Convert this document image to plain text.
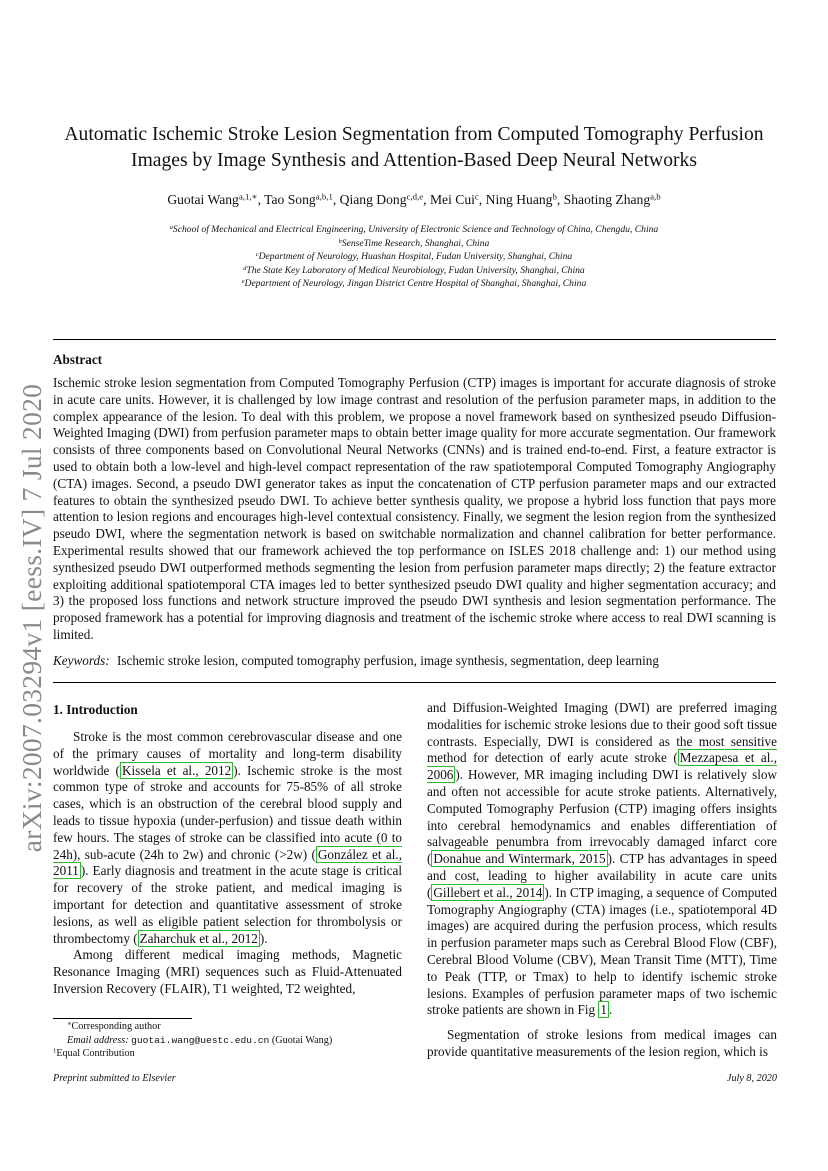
arXiv:2007.03294v1 [eess.IV] 7 Jul 2020
Automatic Ischemic Stroke Lesion Segmentation from Computed Tomography Perfusion
Images by Image Synthesis and Attention-Based Deep Neural Networks
Guotai Wang$^{a,1,∗}$, Tao Song$^{a,b,1}$, Qiang Dong$^{c,d,e}$, Mei Cui$^c$, Ning Huang$^b$, Shaoting Zhang$^{a,b}$
$^a$School of Mechanical and Electrical Engineering, University of Electronic Science and Technology of China, Chengdu, China
$^b$SenseTime Research, Shanghai, China
$^c$Department of Neurology, Huashan Hospital, Fudan University, Shanghai, China
$^d$The State Key Laboratory of Medical Neurobiology, Fudan University, Shanghai, China
$^e$Department of Neurology, Jingan District Centre Hospital of Shanghai, Shanghai, China
Abstract
Ischemic stroke lesion segmentation from Computed Tomography Perfusion (CTP) images is important for accurate diagnosis of stroke in acute care units. However, it is challenged by low image contrast and resolution of the perfusion parameter maps, in addition to the complex appearance of the lesion. To deal with this problem, we propose a novel framework based on synthesized pseudo Diffusion-Weighted Imaging (DWI) from perfusion parameter maps to obtain better image quality for more accurate segmentation. Our framework consists of three components based on Convolutional Neural Networks (CNNs) and is trained end-to-end. First, a feature extractor is used to obtain both a low-level and high-level compact representation of the raw spatiotemporal Computed Tomography Angiography (CTA) images. Second, a pseudo DWI generator takes as input the concatenation of CTP perfusion parameter maps and our extracted features to obtain the synthesized pseudo DWI. To achieve better synthesis quality, we propose a hybrid loss function that pays more attention to lesion regions and encourages high-level contextual consistency. Finally, we segment the lesion region from the synthesized pseudo DWI, where the segmentation network is based on switchable normalization and channel calibration for better performance. Experimental results showed that our framework achieved the top performance on ISLES 2018 challenge and: 1) our method using synthesized pseudo DWI outperformed methods segmenting the lesion from perfusion parameter maps directly; 2) the feature extractor exploiting additional spatiotemporal CTA images led to better synthesized pseudo DWI quality and higher segmentation accuracy; and 3) the proposed loss functions and network structure improved the pseudo DWI synthesis and lesion segmentation performance. The proposed framework has a potential for improving diagnosis and treatment of the ischemic stroke where access to real DWI scanning is limited.
Keywords: Ischemic stroke lesion, computed tomography perfusion, image synthesis, segmentation, deep learning
1. Introduction

Stroke is the most common cerebrovascular disease and one of the primary causes of mortality and long-term disability worldwide ( Kissela et al., 2012 ). Ischemic stroke is the most common type of stroke and accounts for 75-85% of all stroke cases, which is an obstruction of the cerebral blood supply and leads to tissue hypoxia (under-perfusion) and tissue death within few hours. The stages of stroke can be classified into acute (0 to 24h), sub-acute (24h to 2w) and chronic (>2w) ( González et al., 2011 ). Early diagnosis and treatment in the acute stage is critical for recovery of the stroke patient, and medical imaging is important for detection and quantitative assessment of stroke lesions, as well as eligible patient selection for thrombolysis or thrombectomy ( Zaharchuk et al., 2012 ).

Among different medical imaging methods, Magnetic Resonance Imaging (MRI) sequences such as Fluid-Attenuated Inversion Recovery (FLAIR), T1 weighted, T2 weighted,

and Diffusion-Weighted Imaging (DWI) are preferred imaging modalities for ischemic stroke lesions due to their good soft tissue contrasts. Especially, DWI is considered as the most sensitive method for detection of early acute stroke ( Mezzapesa et al., 2006 ). However, MR imaging including DWI is relatively slow and often not accessible for acute stroke patients. Alternatively, Computed Tomography Perfusion (CTP) imaging offers insights into cerebral hemodynamics and enables differentiation of salvageable penumbra from irrevocably damaged infarct core ( Donahue and Wintermark, 2015 ). CTP has advantages in speed and cost, leading to higher availability in acute care units ( Gillebert et al., 2014 ). In CTP imaging, a sequence of Computed Tomography Angiography (CTA) images (i.e., spatiotemporal 4D images) are acquired during the perfusion process, which results in perfusion parameter maps such as Cerebral Blood Flow (CBF), Cerebral Blood Volume (CBV), Mean Transit Time (MTT), Time to Peak (TTP, or Tmax) to help to identify ischemic stroke lesions. Examples of perfusion parameter maps of two ischemic stroke patients are shown in Fig 1 .

Segmentation of stroke lesions from medical images can provide quantitative measurements of the lesion region, which is

∗Corresponding author
Email address: guotai.wang@uestc.edu.cn (Guotai Wang)
$^1$Equal Contribution
Preprint submitted to Elsevier	July 8, 2020
